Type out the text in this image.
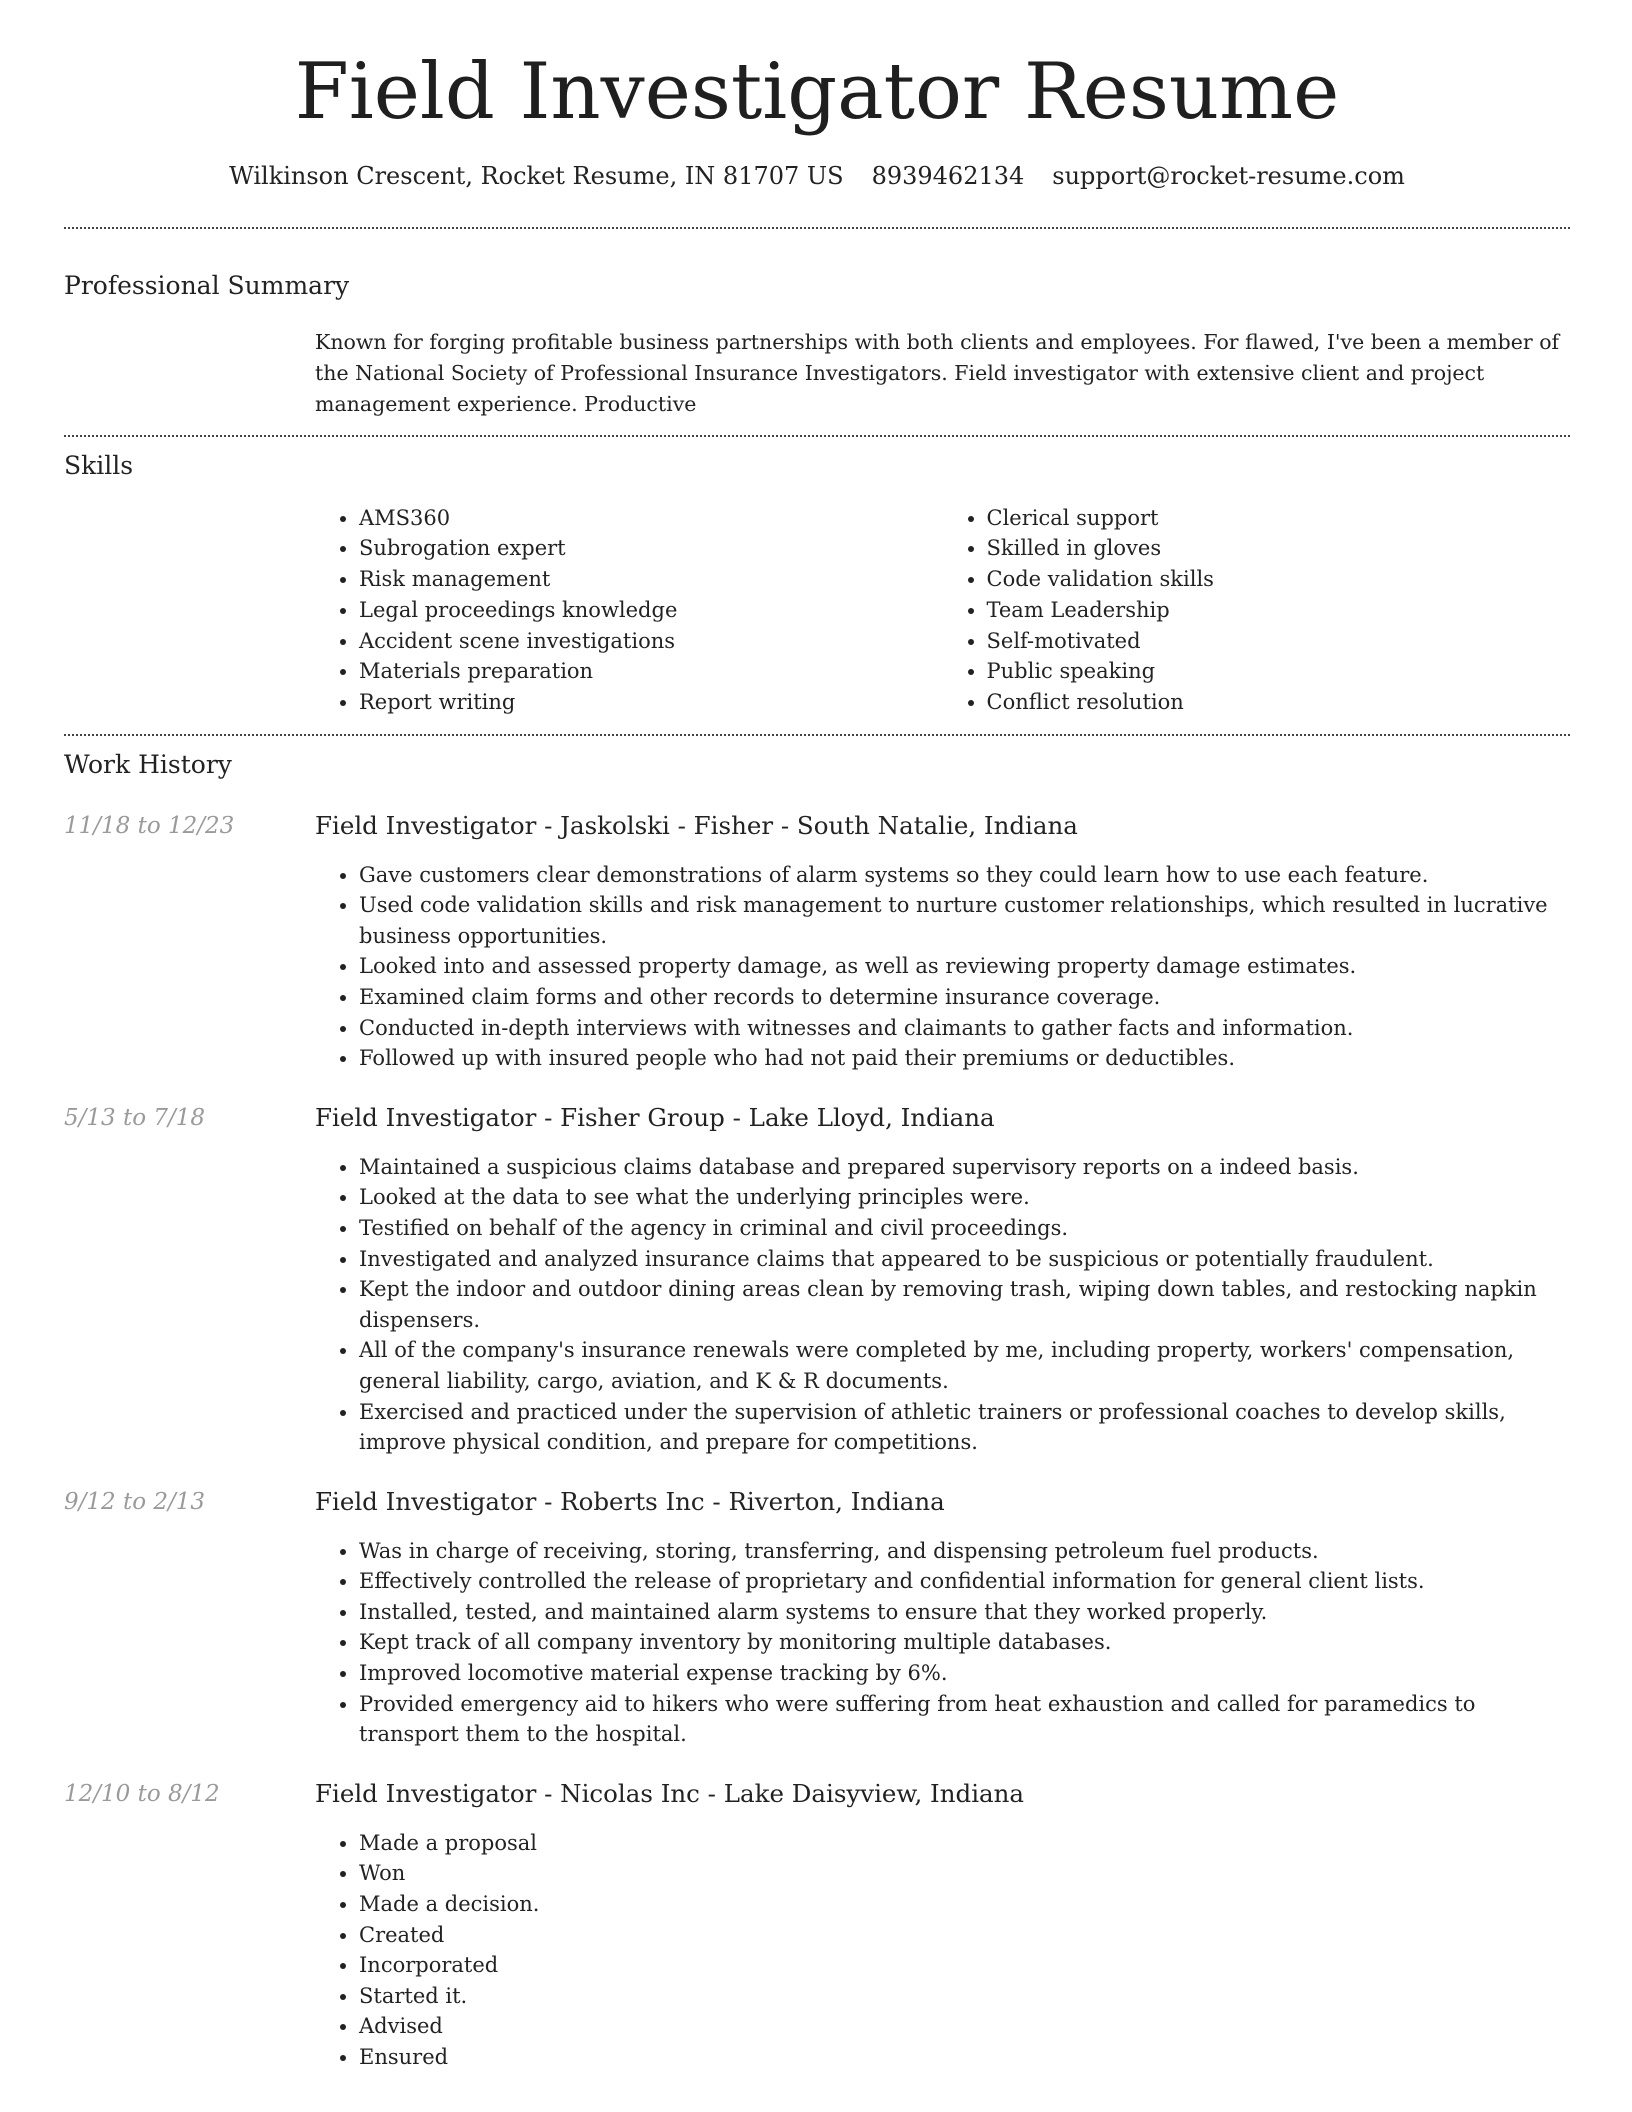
Field Investigator Resume
Wilkinson Crescent, Rocket Resume, IN 81707 US 8939462134 support@rocket-resume.com
Professional Summary
Known for forging profitable business partnerships with both clients and employees. For flawed, I've been a member of the National Society of Professional Insurance Investigators. Field investigator with extensive client and project management experience. Productive
Skills
• AMS360
• Subrogation expert
• Risk management
• Legal proceedings knowledge
• Accident scene investigations
• Materials preparation
• Report writing
• Clerical support
• Skilled in gloves
• Code validation skills
• Team Leadership
• Self-motivated
• Public speaking
• Conflict resolution
Work History
11/18 to 12/23	Field Investigator - Jaskolski - Fisher - South Natalie, Indiana
• Gave customers clear demonstrations of alarm systems so they could learn how to use each feature.
• Used code validation skills and risk management to nurture customer relationships, which resulted in lucrative business opportunities.
• Looked into and assessed property damage, as well as reviewing property damage estimates.
• Examined claim forms and other records to determine insurance coverage.
• Conducted in-depth interviews with witnesses and claimants to gather facts and information.
• Followed up with insured people who had not paid their premiums or deductibles.
5/13 to 7/18	Field Investigator - Fisher Group - Lake Lloyd, Indiana
• Maintained a suspicious claims database and prepared supervisory reports on a indeed basis.
• Looked at the data to see what the underlying principles were.
• Testified on behalf of the agency in criminal and civil proceedings.
• Investigated and analyzed insurance claims that appeared to be suspicious or potentially fraudulent.
• Kept the indoor and outdoor dining areas clean by removing trash, wiping down tables, and restocking napkin dispensers.
• All of the company's insurance renewals were completed by me, including property, workers' compensation, general liability, cargo, aviation, and K & R documents.
• Exercised and practiced under the supervision of athletic trainers or professional coaches to develop skills, improve physical condition, and prepare for competitions.
9/12 to 2/13	Field Investigator - Roberts Inc - Riverton, Indiana
• Was in charge of receiving, storing, transferring, and dispensing petroleum fuel products.
• Effectively controlled the release of proprietary and confidential information for general client lists.
• Installed, tested, and maintained alarm systems to ensure that they worked properly.
• Kept track of all company inventory by monitoring multiple databases.
• Improved locomotive material expense tracking by 6%.
• Provided emergency aid to hikers who were suffering from heat exhaustion and called for paramedics to transport them to the hospital.
12/10 to 8/12	Field Investigator - Nicolas Inc - Lake Daisyview, Indiana
• Made a proposal
• Won
• Made a decision.
• Created
• Incorporated
• Started it.
• Advised
• Ensured
